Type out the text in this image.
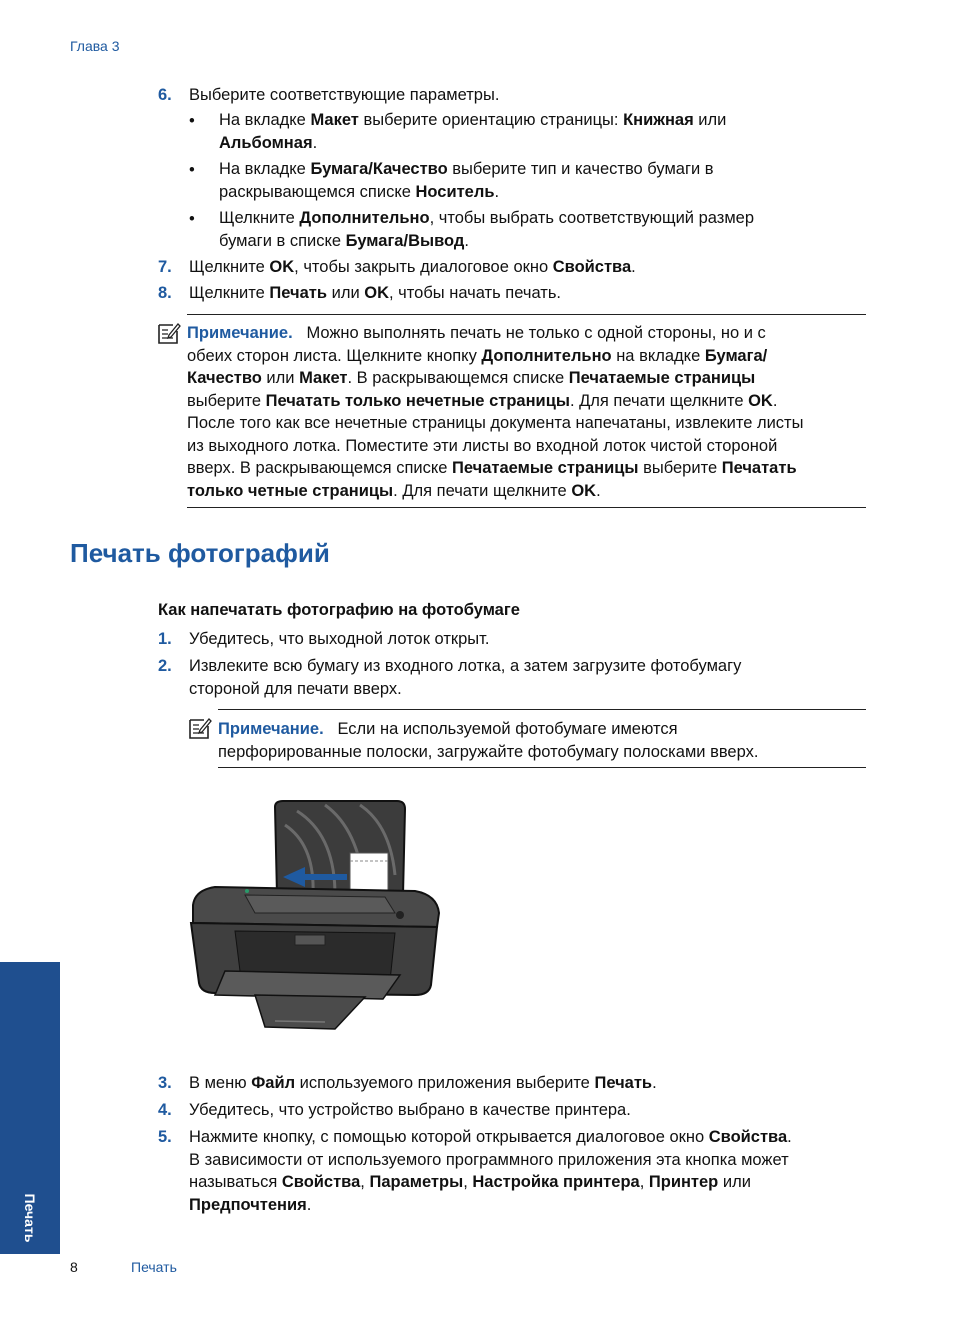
Глава 3
6. Выберите соответствующие параметры.
• На вкладке Макет выберите ориентацию страницы: Книжная или
Альбомная.
• На вкладке Бумага/Качество выберите тип и качество бумаги в
раскрывающемся списке Носитель.
• Щелкните Дополнительно, чтобы выбрать соответствующий размер
бумаги в списке Бумага/Вывод.
7. Щелкните OK, чтобы закрыть диалоговое окно Свойства.
8. Щелкните Печать или OK, чтобы начать печать.
Примечание. Можно выполнять печать не только с одной стороны, но и с
обеих сторон листа. Щелкните кнопку Дополнительно на вкладке Бумага/
Качество или Макет. В раскрывающемся списке Печатаемые страницы
выберите Печатать только нечетные страницы. Для печати щелкните OK.
После того как все нечетные страницы документа напечатаны, извлеките листы
из выходного лотка. Поместите эти листы во входной лоток чистой стороной
вверх. В раскрывающемся списке Печатаемые страницы выберите Печатать
только четные страницы. Для печати щелкните OK.
Печать фотографий
Как напечатать фотографию на фотобумаге
1. Убедитесь, что выходной лоток открыт.
2. Извлеките всю бумагу из входного лотка, а затем загрузите фотобумагу
стороной для печати вверх.
Примечание. Если на используемой фотобумаге имеются
перфорированные полоски, загружайте фотобумагу полосками вверх.
3. В меню Файл используемого приложения выберите Печать.
4. Убедитесь, что устройство выбрано в качестве принтера.
5. Нажмите кнопку, с помощью которой открывается диалоговое окно Свойства.
В зависимости от используемого программного приложения эта кнопка может
называться Свойства, Параметры, Настройка принтера, Принтер или
Предпочтения.
Печать
8	Печать
